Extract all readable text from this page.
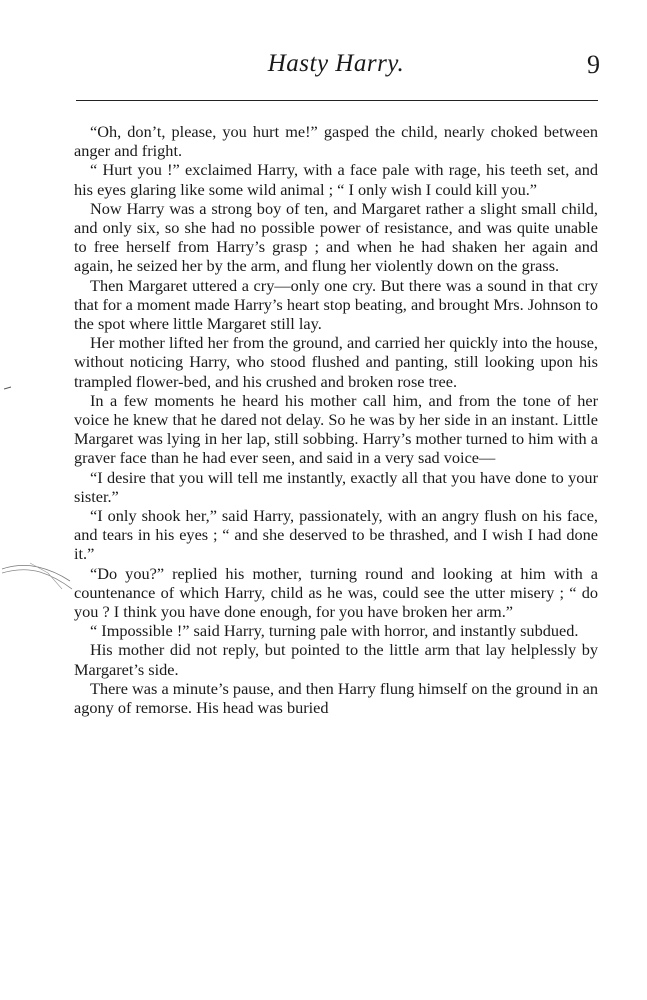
Hasty Harry.	9

“Oh, don’t, please, you hurt me!” gasped the child, nearly choked between anger and fright.

“ Hurt you !” exclaimed Harry, with a face pale with rage, his teeth set, and his eyes glaring like some wild animal ; “ I only wish I could kill you.”

Now Harry was a strong boy of ten, and Margaret rather a slight small child, and only six, so she had no possible power of resistance, and was quite unable to free herself from Harry’s grasp ; and when he had shaken her again and again, he seized her by the arm, and flung her violently down on the grass.

Then Margaret uttered a cry—only one cry. But there was a sound in that cry that for a moment made Harry’s heart stop beating, and brought Mrs. Johnson to the spot where little Margaret still lay.

Her mother lifted her from the ground, and carried her quickly into the house, without noticing Harry, who stood flushed and panting, still looking upon his trampled flower-bed, and his crushed and broken rose tree.

In a few moments he heard his mother call him, and from the tone of her voice he knew that he dared not delay. So he was by her side in an instant. Little Margaret was lying in her lap, still sobbing. Harry’s mother turned to him with a graver face than he had ever seen, and said in a very sad voice—

“I desire that you will tell me instantly, exactly all that you have done to your sister.”

“I only shook her,” said Harry, passionately, with an angry flush on his face, and tears in his eyes ; “ and she deserved to be thrashed, and I wish I had done it.”

“Do you?” replied his mother, turning round and looking at him with a countenance of which Harry, child as he was, could see the utter misery ; “ do you ? I think you have done enough, for you have broken her arm.”

“ Impossible !” said Harry, turning pale with horror, and instantly subdued.

His mother did not reply, but pointed to the little arm that lay helplessly by Margaret’s side.

There was a minute’s pause, and then Harry flung himself on the ground in an agony of remorse. His head was buried
